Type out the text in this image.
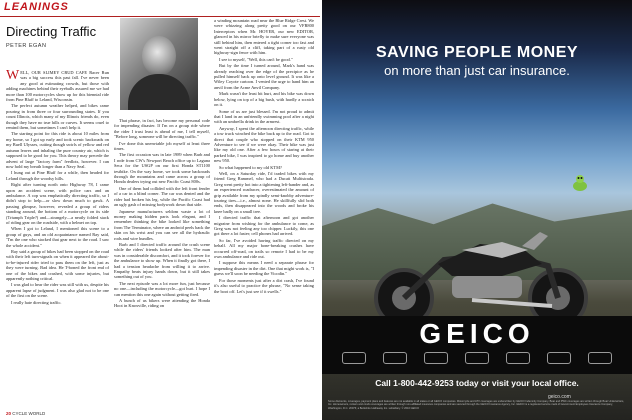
LEANINGS
Directing Traffic
PETER EGAN
W ELL, OUR SLIMEY CRUD CAFE Racer Run was a big success this past fall. I've never been any good at estimating crowds, but those with adding machines behind their eyeballs assured me we had more than 100 motorcycles show up for this biennial ride from Pine Bluff to Leland, Wisconsin.

The perfect autumn weather helped, and bikes came pouring in from three or four surrounding states. If you count Illinois, which many of my Illinois friends do, even though they have no true hills or curves. It seems cruel to remind them, but sometimes I can't help it.

The starting point for this ride is about 10 miles from my home, so I got up early and took scenic backroads on my Buell Ulysses, cutting though swirls of yellow and red autumn leaves and inhaling the pure country air, which is supposed to be good for you. This theory may precede the advent of large "factory farm" feedlots, however. I can now hold my breath longer than a Navy Seal.

I hung out at Pine Bluff for a while, then headed for Leland through the woodsy hills.

Right after turning north onto Highway 78, I came upon an accident scene, with police cars and an ambulance. A cop was emphatically directing traffic, so I didn't stop to help—or slow down much to gawk. A passing glimpse, however, revealed a group of riders standing around, the bottom of a motorcycle on its side (Triumph Triple?) and—strangely—a neatly folded stack of riding gear on the roadside, with a helmet on top.

When I got to Leland, I mentioned this scene to a group of guys, and an old acquaintance named Ray said, "I'm the one who stacked that gear next to the road. I saw the whole accident."

Ray said a group of bikes had been stopped on the road with their left turn-signals on when it appeared the about-to-be-injured rider tried to pass them on the left, just as they were turning. Bad idea. He T-boned the front end of one of the bikes and crashed, with some injuries, but apparently nothing critical.

I was glad to hear the rider was still with us, despite his apparent lapse of judgment. I was also glad not to be one of the first on the scene.

I really hate directing traffic.

That phrase, in fact, has become my personal code for impending disaster. If I'm on a group ride where the rider I trust least is ahead of me, I tell myself, "Before long, someone will be directing traffic."

I've done this unenviable job myself at least three times.

The first occasion was in late 1989 when Barb and I rode from CW's Newport Beach office up to Laguna Seca for the USGP on our first Honda ST1100 testbike. On the way home, we took some backroads through the mountains and came across a group of Honda dealers trying out new Pacific Coast 800s.

One of them had collided with the left front fender of a car in a blind corner. The car was dented and the rider had broken his leg, while the Pacific Coast had an ugly gash of missing bodywork down that side.

Japanese manufacturers seldom waste a lot of money making hidden parts look elegant, and I remember thinking the bike looked like something from The Terminator, where an android peels back the skin on his wrist and you can see all the hydraulic rods and wire bundles.

Barb and I directed traffic around the crash scene while the riders' friends looked after him. The man was in considerable discomfort, and it took forever for the ambulance to show up. When it finally got there, I had a tension headache from willing it to arrive. Empathy beats injury hands down, but it still takes something out of you.

The next episode was a lot more fun, just because no one—including the motorcycle—got hurt. I hope I can mention this one again without getting fired.

A bunch of us bikers were attending the Honda Hoot in Knoxville, riding on

a winding mountain road near the Blue Ridge Crest. We were whizzing along pretty good on our VFR800 Interceptors when Mr. HOYER, our new EDITOR, glanced in his mirror briefly to make sure everyone was still behind him, then entered a tight corner too fast and went straight off a cliff, taking part of a rusty old highway-sign fence with him.

I see to myself, "Well, this can't be good."

But by the time I turned around, Mark's hand was already reaching over the edge of the precipice as he pulled himself back up onto level ground. It was like a Wiley Coyote cartoon. I vented the urge to hand him an anvil from the Acme Anvil Company.

Mark wasn't the least bit hurt, and his bike was down below, lying on top of a big bush, with hardly a scratch on it.

Some of us are just blessed. I'm not proud to admit that I land in an unfriendly swimming pool after a night with an umbrella drink in the armrest.

Anyway, I spent the afternoon directing traffic, while a tow truck winched the bike back up to the road. Got to direct that couple who stopped on their KTM 950 Adventure to see if we were okay. Their bike was just like my old one. After a few hours of staring at their parked bike, I was inspired to go home and buy another new 950.

So what happened to my old KTM?

Well, on a Saturday ride, I'd traded bikes with my friend Greg Rammel, who had a Ducati Multistrada. Greg went pretty hot into a tightening left-hander and, as an experienced roadracer, overestimated the amount of grip available from my spindly semi-knobby adventure-touring tires—i.e., almost none. He skillfully slid both ends, then disappeared into the woods and broke his knee badly on a small tree.

I directed traffic that afternoon and got another migraine from wishing for the ambulance to come, as Greg was not feeling any too chipper. Luckily, this one got there a lot faster; cell phones had arrived.

So far, I've avoided having traffic directed on my behalf. All my major bone-breaking crashes have occurred off-road, on trails so remote I had to be my own ambulance and ride out.

I suppose this means I need a separate phrase for impending disaster in the dirt. One that might work is, "I guess we'll soon be needing the Vicodin."

For those moments just after a dirt crash, I've found it's also useful to practice the phrase, "No sense taking the boot off. Let's just see if it swells."

20 CYCLE WORLD
SAVING PEOPLE MONEY
on more than just car insurance.
GEICO
Call 1-800-442-9253 today or visit your local office.
geico.com
Some discounts, coverages, payment plans and features are not available in all states or all GEICO companies. Motorcycle and ATV coverages are underwritten by GEICO Indemnity Company. Boat and PWC coverages are written through Boat Underwriters, Inc. Homeowners, renters and condo coverages are written through non-affiliated insurance companies and are secured through the GEICO Insurance Agency, Inc. GEICO is a registered service mark of Government Employees Insurance Company, Washington, D.C. 20076; a Berkshire Hathaway Inc. subsidiary. © 2010 GEICO
